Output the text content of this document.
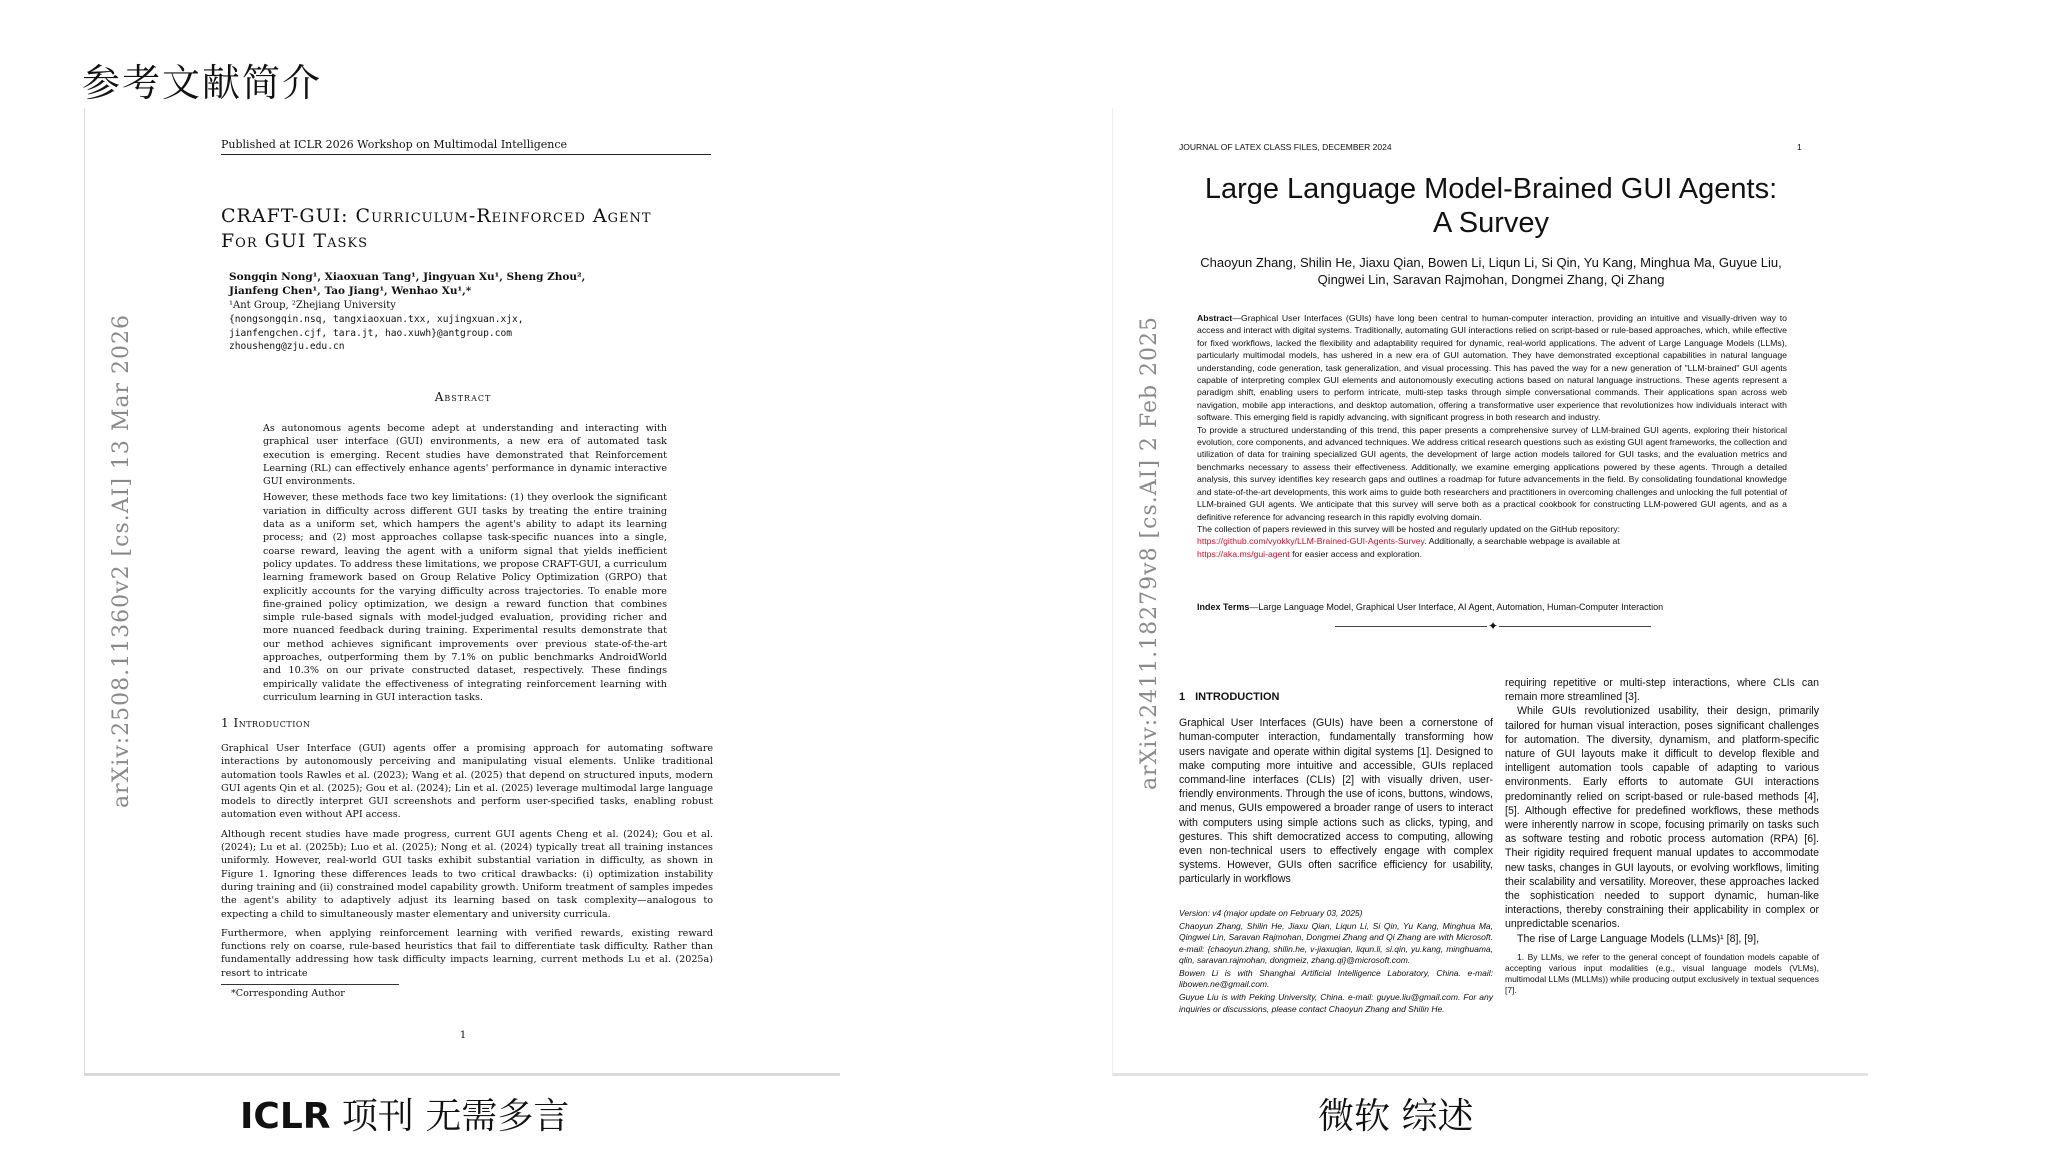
参考文献简介
arXiv:2508.11360v2 [cs.AI] 13 Mar 2026
Published at ICLR 2026 Workshop on Multimodal Intelligence
CRAFT-GUI: Curriculum-Reinforced Agent
For GUI Tasks
Songqin Nong¹, Xiaoxuan Tang¹, Jingyuan Xu¹, Sheng Zhou²,
Jianfeng Chen¹, Tao Jiang¹, Wenhao Xu¹,*
¹Ant Group, ²Zhejiang University
{nongsongqin.nsq, tangxiaoxuan.txx, xujingxuan.xjx,
jianfengchen.cjf, tara.jt, hao.xuwh}@antgroup.com
zhousheng@zju.edu.cn
Abstract

As autonomous agents become adept at understanding and interacting with graphical user interface (GUI) environments, a new era of automated task execution is emerging. Recent studies have demonstrated that Reinforcement Learning (RL) can effectively enhance agents' performance in dynamic interactive GUI environments.

However, these methods face two key limitations: (1) they overlook the significant variation in difficulty across different GUI tasks by treating the entire training data as a uniform set, which hampers the agent's ability to adapt its learning process; and (2) most approaches collapse task-specific nuances into a single, coarse reward, leaving the agent with a uniform signal that yields inefficient policy updates. To address these limitations, we propose CRAFT-GUI, a curriculum learning framework based on Group Relative Policy Optimization (GRPO) that explicitly accounts for the varying difficulty across trajectories. To enable more fine-grained policy optimization, we design a reward function that combines simple rule-based signals with model-judged evaluation, providing richer and more nuanced feedback during training. Experimental results demonstrate that our method achieves significant improvements over previous state-of-the-art approaches, outperforming them by 7.1% on public benchmarks AndroidWorld and 10.3% on our private constructed dataset, respectively. These findings empirically validate the effectiveness of integrating reinforcement learning with curriculum learning in GUI interaction tasks.

1 Introduction

Graphical User Interface (GUI) agents offer a promising approach for automating software interactions by autonomously perceiving and manipulating visual elements. Unlike traditional automation tools Rawles et al. (2023); Wang et al. (2025) that depend on structured inputs, modern GUI agents Qin et al. (2025); Gou et al. (2024); Lin et al. (2025) leverage multimodal large language models to directly interpret GUI screenshots and perform user-specified tasks, enabling robust automation even without API access.

Although recent studies have made progress, current GUI agents Cheng et al. (2024); Gou et al. (2024); Lu et al. (2025b); Luo et al. (2025); Nong et al. (2024) typically treat all training instances uniformly. However, real-world GUI tasks exhibit substantial variation in difficulty, as shown in Figure 1. Ignoring these differences leads to two critical drawbacks: (i) optimization instability during training and (ii) constrained model capability growth. Uniform treatment of samples impedes the agent's ability to adaptively adjust its learning based on task complexity—analogous to expecting a child to simultaneously master elementary and university curricula.

Furthermore, when applying reinforcement learning with verified rewards, existing reward functions rely on coarse, rule-based heuristics that fail to differentiate task difficulty. Rather than fundamentally addressing how task difficulty impacts learning, current methods Lu et al. (2025a) resort to intricate

*Corresponding Author
1
arXiv:2411.18279v8 [cs.AI] 2 Feb 2025
JOURNAL OF LATEX CLASS FILES, DECEMBER 2024	1
Large Language Model-Brained GUI Agents:
A Survey
Chaoyun Zhang, Shilin He, Jiaxu Qian, Bowen Li, Liqun Li, Si Qin, Yu Kang, Minghua Ma, Guyue Liu,
Qingwei Lin, Saravan Rajmohan, Dongmei Zhang, Qi Zhang

Abstract—Graphical User Interfaces (GUIs) have long been central to human-computer interaction, providing an intuitive and visually-driven way to access and interact with digital systems. Traditionally, automating GUI interactions relied on script-based or rule-based approaches, which, while effective for fixed workflows, lacked the flexibility and adaptability required for dynamic, real-world applications. The advent of Large Language Models (LLMs), particularly multimodal models, has ushered in a new era of GUI automation. They have demonstrated exceptional capabilities in natural language understanding, code generation, task generalization, and visual processing. This has paved the way for a new generation of "LLM-brained" GUI agents capable of interpreting complex GUI elements and autonomously executing actions based on natural language instructions. These agents represent a paradigm shift, enabling users to perform intricate, multi-step tasks through simple conversational commands. Their applications span across web navigation, mobile app interactions, and desktop automation, offering a transformative user experience that revolutionizes how individuals interact with software. This emerging field is rapidly advancing, with significant progress in both research and industry.

To provide a structured understanding of this trend, this paper presents a comprehensive survey of LLM-brained GUI agents, exploring their historical evolution, core components, and advanced techniques. We address critical research questions such as existing GUI agent frameworks, the collection and utilization of data for training specialized GUI agents, the development of large action models tailored for GUI tasks, and the evaluation metrics and benchmarks necessary to assess their effectiveness. Additionally, we examine emerging applications powered by these agents. Through a detailed analysis, this survey identifies key research gaps and outlines a roadmap for future advancements in the field. By consolidating foundational knowledge and state-of-the-art developments, this work aims to guide both researchers and practitioners in overcoming challenges and unlocking the full potential of LLM-brained GUI agents. We anticipate that this survey will serve both as a practical cookbook for constructing LLM-powered GUI agents, and as a definitive reference for advancing research in this rapidly evolving domain.

The collection of papers reviewed in this survey will be hosted and regularly updated on the GitHub repository:
https://github.com/vyokky/LLM-Brained-GUI-Agents-Survey. Additionally, a searchable webpage is available at
https://aka.ms/gui-agent for easier access and exploration.

Index Terms—Large Language Model, Graphical User Interface, AI Agent, Automation, Human-Computer Interaction
✦
1 INTRODUCTION

Graphical User Interfaces (GUIs) have been a cornerstone of human-computer interaction, fundamentally transforming how users navigate and operate within digital systems [1]. Designed to make computing more intuitive and accessible, GUIs replaced command-line interfaces (CLIs) [2] with visually driven, user-friendly environments. Through the use of icons, buttons, windows, and menus, GUIs empowered a broader range of users to interact with computers using simple actions such as clicks, typing, and gestures. This shift democratized access to computing, allowing even non-technical users to effectively engage with complex systems. However, GUIs often sacrifice efficiency for usability, particularly in workflows

Version: v4 (major update on February 03, 2025)

Chaoyun Zhang, Shilin He, Jiaxu Qian, Liqun Li, Si Qin, Yu Kang, Minghua Ma, Qingwei Lin, Saravan Rajmohan, Dongmei Zhang and Qi Zhang are with Microsoft. e-mail: {chaoyun.zhang, shilin.he, v-jiaxuqian, liqun.li, si.qin, yu.kang, minghuama, qlin, saravan.rajmohan, dongmeiz, zhang.qi}@microsoft.com.

Bowen Li is with Shanghai Artificial Intelligence Laboratory, China. e-mail: libowen.ne@gmail.com.

Guyue Liu is with Peking University, China. e-mail: guyue.liu@gmail.com. For any inquiries or discussions, please contact Chaoyun Zhang and Shilin He.

requiring repetitive or multi-step interactions, where CLIs can remain more streamlined [3].

While GUIs revolutionized usability, their design, primarily tailored for human visual interaction, poses significant challenges for automation. The diversity, dynamism, and platform-specific nature of GUI layouts make it difficult to develop flexible and intelligent automation tools capable of adapting to various environments. Early efforts to automate GUI interactions predominantly relied on script-based or rule-based methods [4], [5]. Although effective for predefined workflows, these methods were inherently narrow in scope, focusing primarily on tasks such as software testing and robotic process automation (RPA) [6]. Their rigidity required frequent manual updates to accommodate new tasks, changes in GUI layouts, or evolving workflows, limiting their scalability and versatility. Moreover, these approaches lacked the sophistication needed to support dynamic, human-like interactions, thereby constraining their applicability in complex or unpredictable scenarios.

The rise of Large Language Models (LLMs)¹ [8], [9],

1. By LLMs, we refer to the general concept of foundation models capable of accepting various input modalities (e.g., visual language models (VLMs), multimodal LLMs (MLLMs)) while producing output exclusively in textual sequences [7].

ICLR 项刊 无需多言	微软 综述
